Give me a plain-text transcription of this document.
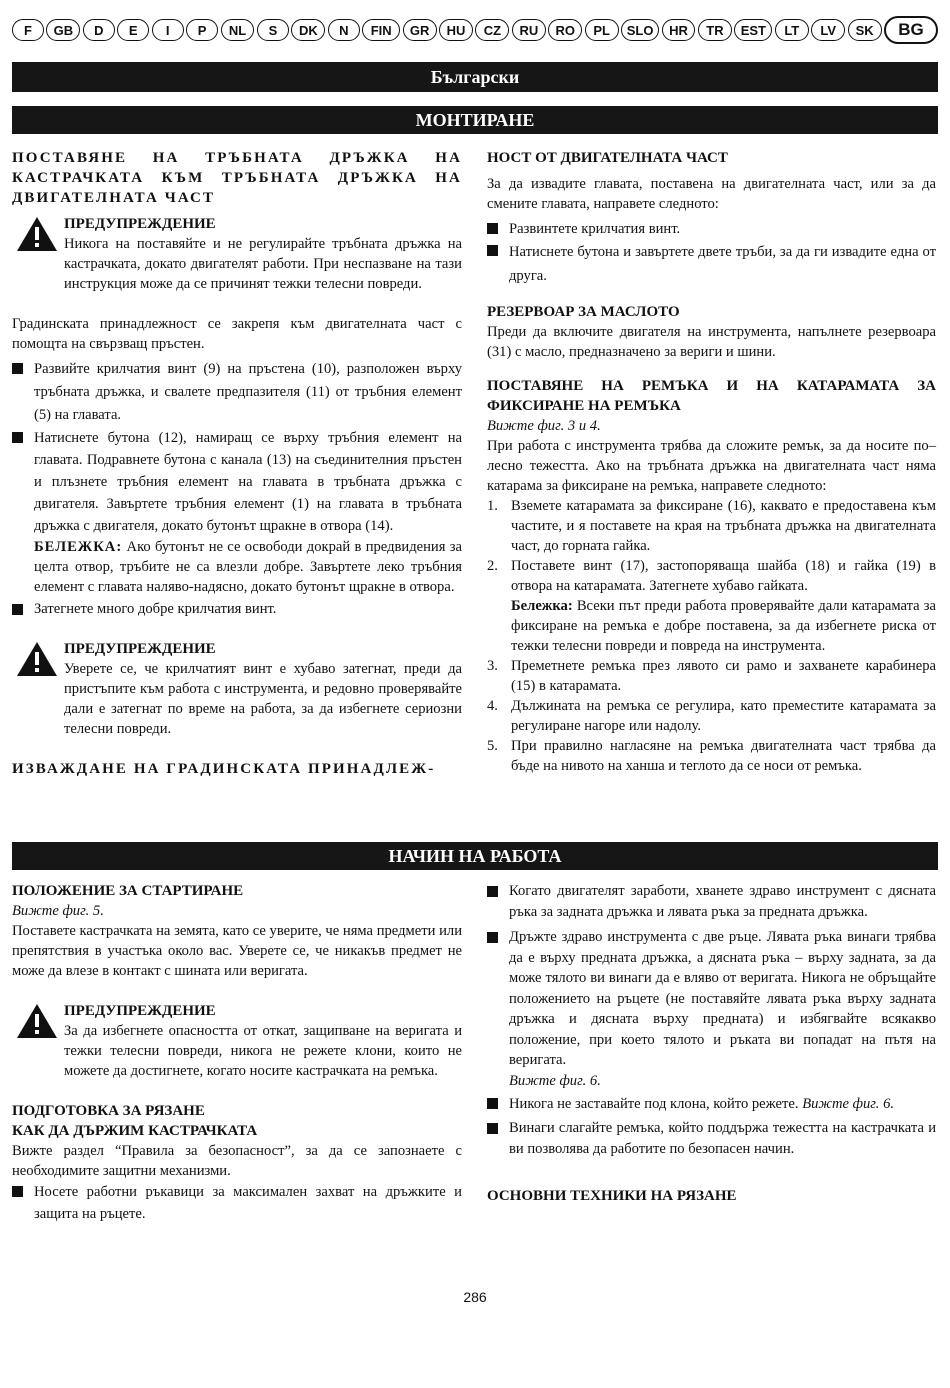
F	GB	D	E	I	P	NL	S	DK	N	FIN	GR	HU	CZ	RU	RO	PL	SLO	HR	TR	EST	LT	LV	SK	BG
Български
МОНТИРАНЕ

ПОСТАВЯНЕ НА ТРЪБНАТА ДРЪЖКА НА КАСТРАЧКАТА КЪМ ТРЪБНАТА ДРЪЖКА НА ДВИГАТЕЛНАТА ЧАСТ

ПРЕДУПРЕЖДЕНИЕ

Никога на поставяйте и не регулирайте тръбната дръжка на кастрачката, докато двигателят работи. При неспазване на тази инструкция може да се причинят тежки телесни повреди.

Градинската принадлежност се закрепя към двигателната част с помощта на свързващ пръстен.

Развийте крилчатия винт (9) на пръстена (10), разположен върху тръбната дръжка, и свалете предпазителя (11) от тръбния елемент (5) на главата.

Натиснете бутона (12), намиращ се върху тръбния елемент на главата. Подравнете бутона с канала (13) на съединителния пръстен и плъзнете тръбния елемент на главата в тръбната дръжка с двигателя. Завъртете тръбния елемент (1) на главата в тръбната дръжка с двигателя, докато бутонът щракне в отвора (14).

БЕЛЕЖКА: Ако бутонът не се освободи докрай в предвидения за целта отвор, тръбите не са влезли добре. Завъртете леко тръбния елемент с главата наляво-надясно, докато бутонът щракне в отвора.

Затегнете много добре крилчатия винт.

ПРЕДУПРЕЖДЕНИЕ

Уверете се, че крилчатият винт е хубаво затегнат, преди да пристъпите към работа с инструмента, и редовно проверявайте дали е затегнат по време на работа, за да избегнете сериозни телесни повреди.

ИЗВАЖДАНЕ НА ГРАДИНСКАТА ПРИНАДЛЕЖ-

НОСТ ОТ ДВИГАТЕЛНАТА ЧАСТ

За да извадите главата, поставена на двигателната част, или за да смените главата, направете следното:

Развинтете крилчатия винт.

Натиснете бутона и завъртете двете тръби, за да ги извадите една от друга.

РЕЗЕРВОАР ЗА МАСЛОТО

Преди да включите двигателя на инструмента, напълнете резервоара (31) с масло, предназначено за вериги и шини.

ПОСТАВЯНЕ НА РЕМЪКА И НА КАТАРАМАТА ЗА ФИКСИРАНЕ НА РЕМЪКА

Вижте фиг. 3 и 4.

При работа с инструмента трябва да сложите ремък, за да носите по–лесно тежестта. Ако на тръбната дръжка на двигателната част няма катарама за фиксиране на ремъка, направете следното:

1. Вземете катарамата за фиксиране (16), каквато е предоставена към частите, и я поставете на края на тръбната дръжка на двигателната част, до горната гайка.

2. Поставете винт (17), застопоряваща шайба (18) и гайка (19) в отвора на катарамата. Затегнете хубаво гайката.

Бележка: Всеки път преди работа проверявайте дали катарамата за фиксиране на ремъка е добре поставена, за да избегнете риска от тежки телесни повреди и повреда на инструмента.

3. Преметнете ремъка през лявото си рамо и захванете карабинера (15) в катарамата.

4. Дължината на ремъка се регулира, като преместите катарамата за регулиране нагоре или надолу.

5. При правилно нагласяне на ремъка двигателната част трябва да бъде на нивото на ханша и теглото да се носи от ремъка.

НАЧИН НА РАБОТА

ПОЛОЖЕНИЕ ЗА СТАРТИРАНЕ

Вижте фиг. 5.

Поставете кастрачката на земята, като се уверите, че няма предмети или препятствия в участъка около вас. Уверете се, че никакъв предмет не може да влезе в контакт с шината или веригата.

ПРЕДУПРЕЖДЕНИЕ

За да избегнете опасността от откат, защипване на веригата и тежки телесни повреди, никога не режете клони, които не можете да достигнете, когато носите кастрачката на ремъка.

ПОДГОТОВКА ЗА РЯЗАНЕ

КАК ДА ДЪРЖИМ КАСТРАЧКАТА

Вижте раздел “Правила за безопасност”, за да се запознаете с необходимите защитни механизми.

Носете работни ръкавици за максимален захват на дръжките и защита на ръцете.

Когато двигателят заработи, хванете здраво инструмент с дясната ръка за задната дръжка и лявата ръка за предната дръжка.

Дръжте здраво инструмента с две ръце. Лявата ръка винаги трябва да е върху предната дръжка, а дясната ръка – върху задната, за да може тялото ви винаги да е вляво от веригата. Никога не обръщайте положението на ръцете (не поставяйте лявата ръка върху задната дръжка и дясната върху предната) и избягвайте всякакво положение, при което тялото и ръката ви попадат на пътя на веригата.
Вижте фиг. 6.

Никога не заставайте под клона, който режете. Вижте фиг. 6.

Винаги слагайте ремъка, който поддържа тежестта на кастрачката и ви позволява да работите по безопасен начин.

ОСНОВНИ ТЕХНИКИ НА РЯЗАНЕ

286
